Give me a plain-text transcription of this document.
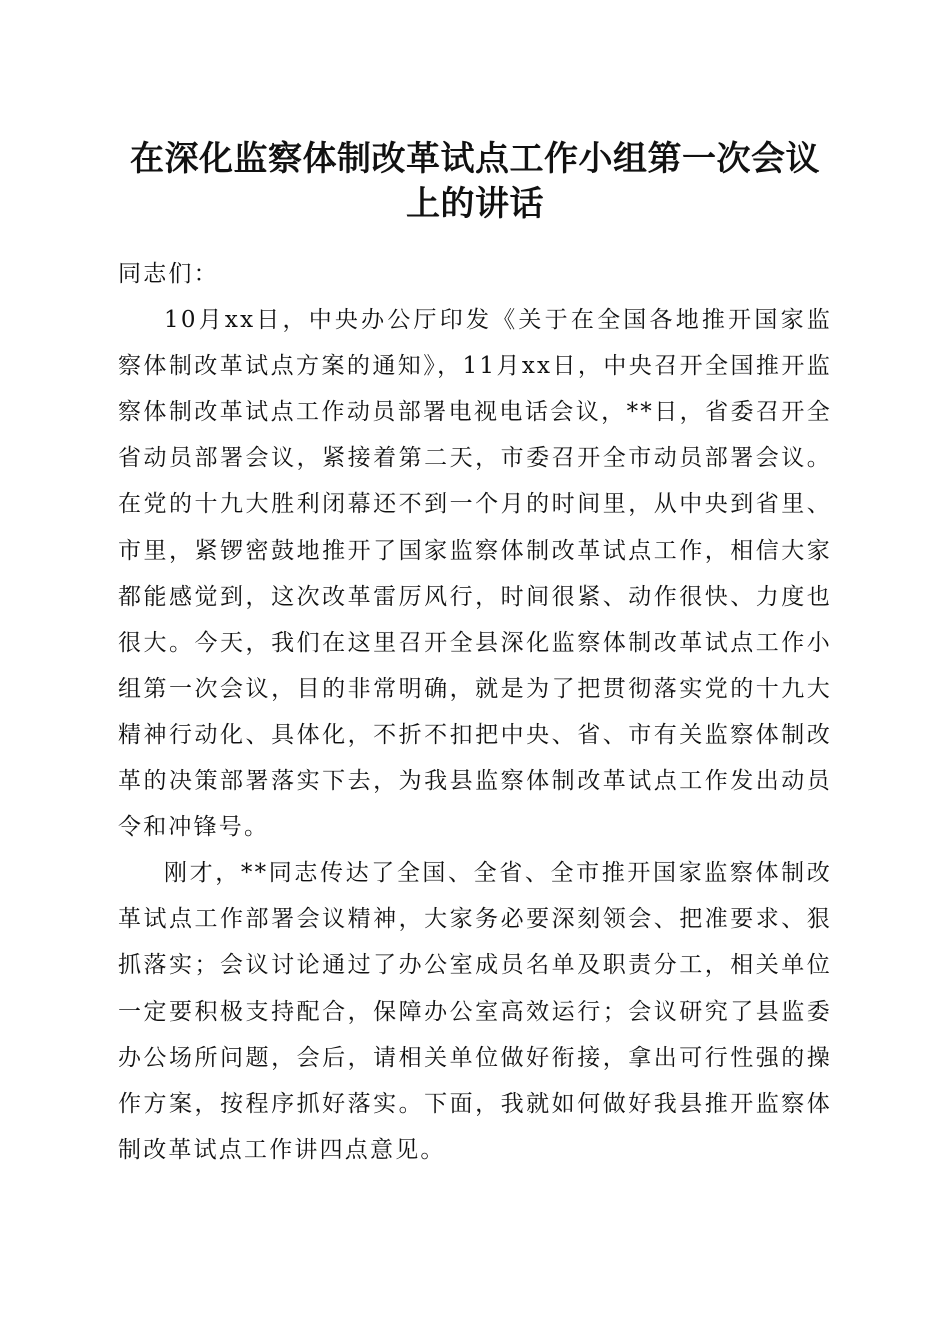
在深化监察体制改革试点工作小组第一次会议上的讲话

同志们：

10月xx日，中央办公厅印发《关于在全国各地推开国家监察体制改革试点方案的通知》，11月xx日，中央召开全国推开监察体制改革试点工作动员部署电视电话会议，**日，省委召开全省动员部署会议，紧接着第二天，市委召开全市动员部署会议。在党的十九大胜利闭幕还不到一个月的时间里，从中央到省里、市里，紧锣密鼓地推开了国家监察体制改革试点工作，相信大家都能感觉到，这次改革雷厉风行，时间很紧、动作很快、力度也很大。今天，我们在这里召开全县深化监察体制改革试点工作小组第一次会议，目的非常明确，就是为了把贯彻落实党的十九大精神行动化、具体化，不折不扣把中央、省、市有关监察体制改革的决策部署落实下去，为我县监察体制改革试点工作发出动员令和冲锋号。

刚才，**同志传达了全国、全省、全市推开国家监察体制改革试点工作部署会议精神，大家务必要深刻领会、把准要求、狠抓落实；会议讨论通过了办公室成员名单及职责分工，相关单位一定要积极支持配合，保障办公室高效运行；会议研究了县监委办公场所问题，会后，请相关单位做好衔接，拿出可行性强的操作方案，按程序抓好落实。下面，我就如何做好我县推开监察体制改革试点工作讲四点意见。
